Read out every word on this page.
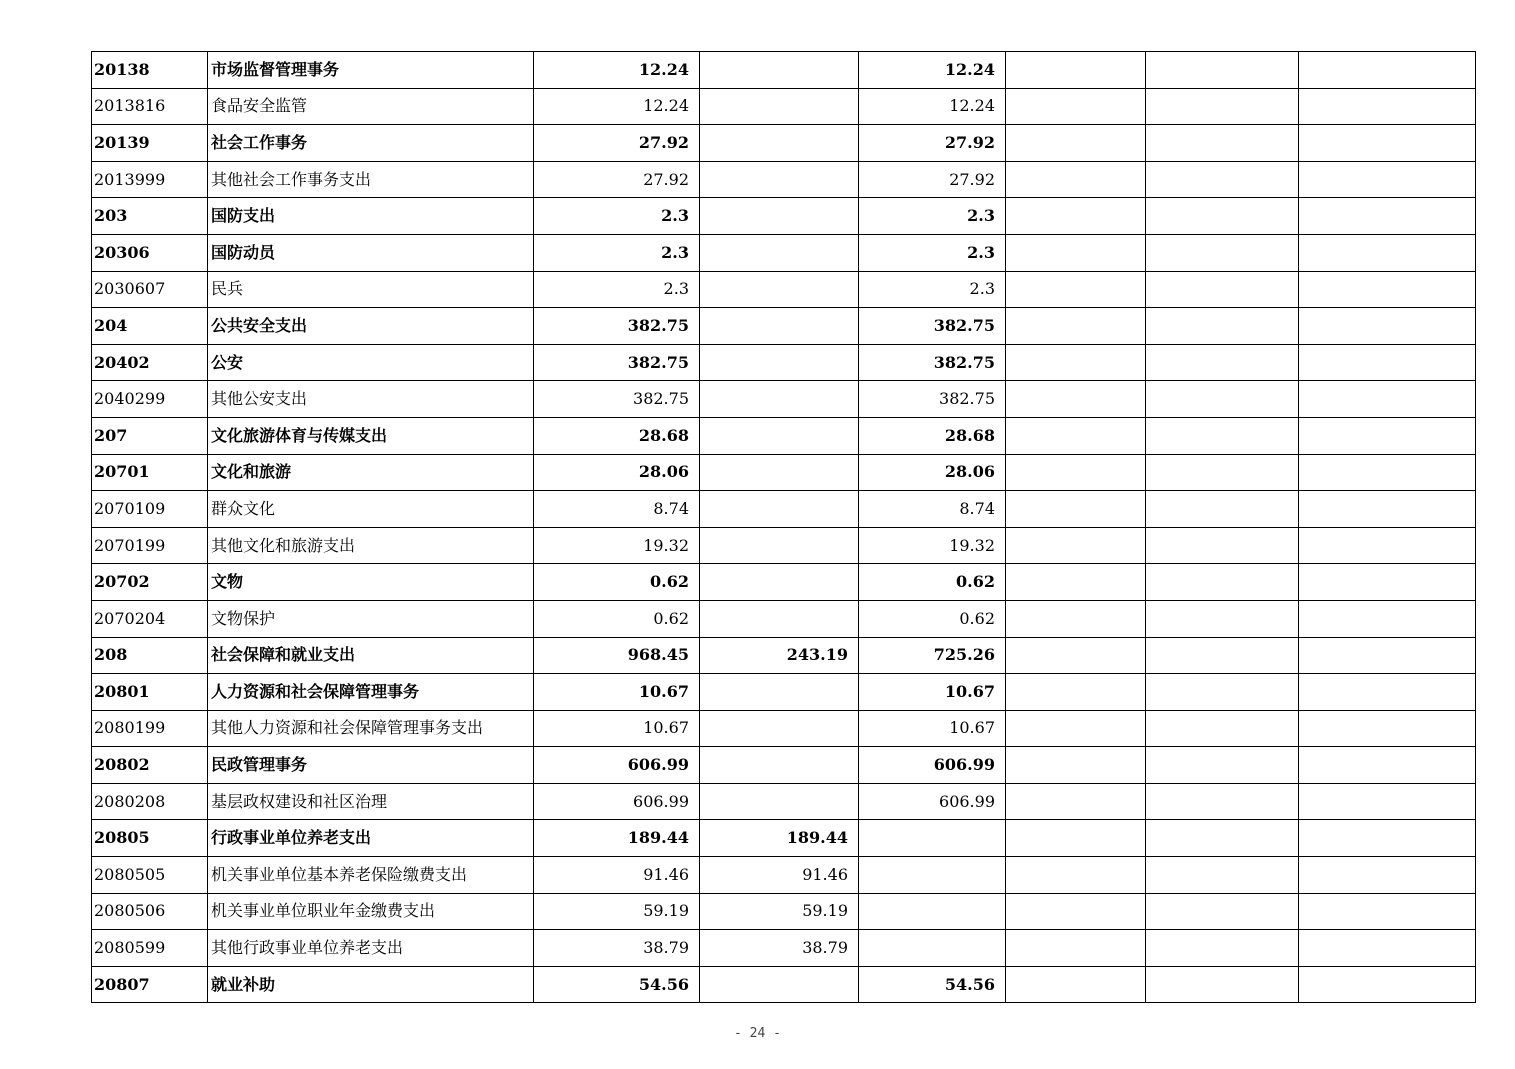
20138	市场监督管理事务	12.24		12.24			
2013816	食品安全监管	12.24		12.24			
20139	社会工作事务	27.92		27.92			
2013999	其他社会工作事务支出	27.92		27.92			
203	国防支出	2.3		2.3			
20306	国防动员	2.3		2.3			
2030607	民兵	2.3		2.3			
204	公共安全支出	382.75		382.75			
20402	公安	382.75		382.75			
2040299	其他公安支出	382.75		382.75			
207	文化旅游体育与传媒支出	28.68		28.68			
20701	文化和旅游	28.06		28.06			
2070109	群众文化	8.74		8.74			
2070199	其他文化和旅游支出	19.32		19.32			
20702	文物	0.62		0.62			
2070204	文物保护	0.62		0.62			
208	社会保障和就业支出	968.45	243.19	725.26			
20801	人力资源和社会保障管理事务	10.67		10.67			
2080199	其他人力资源和社会保障管理事务支出	10.67		10.67			
20802	民政管理事务	606.99		606.99			
2080208	基层政权建设和社区治理	606.99		606.99			
20805	行政事业单位养老支出	189.44	189.44				
2080505	机关事业单位基本养老保险缴费支出	91.46	91.46				
2080506	机关事业单位职业年金缴费支出	59.19	59.19				
2080599	其他行政事业单位养老支出	38.79	38.79				
20807	就业补助	54.56		54.56			
- 24 -
